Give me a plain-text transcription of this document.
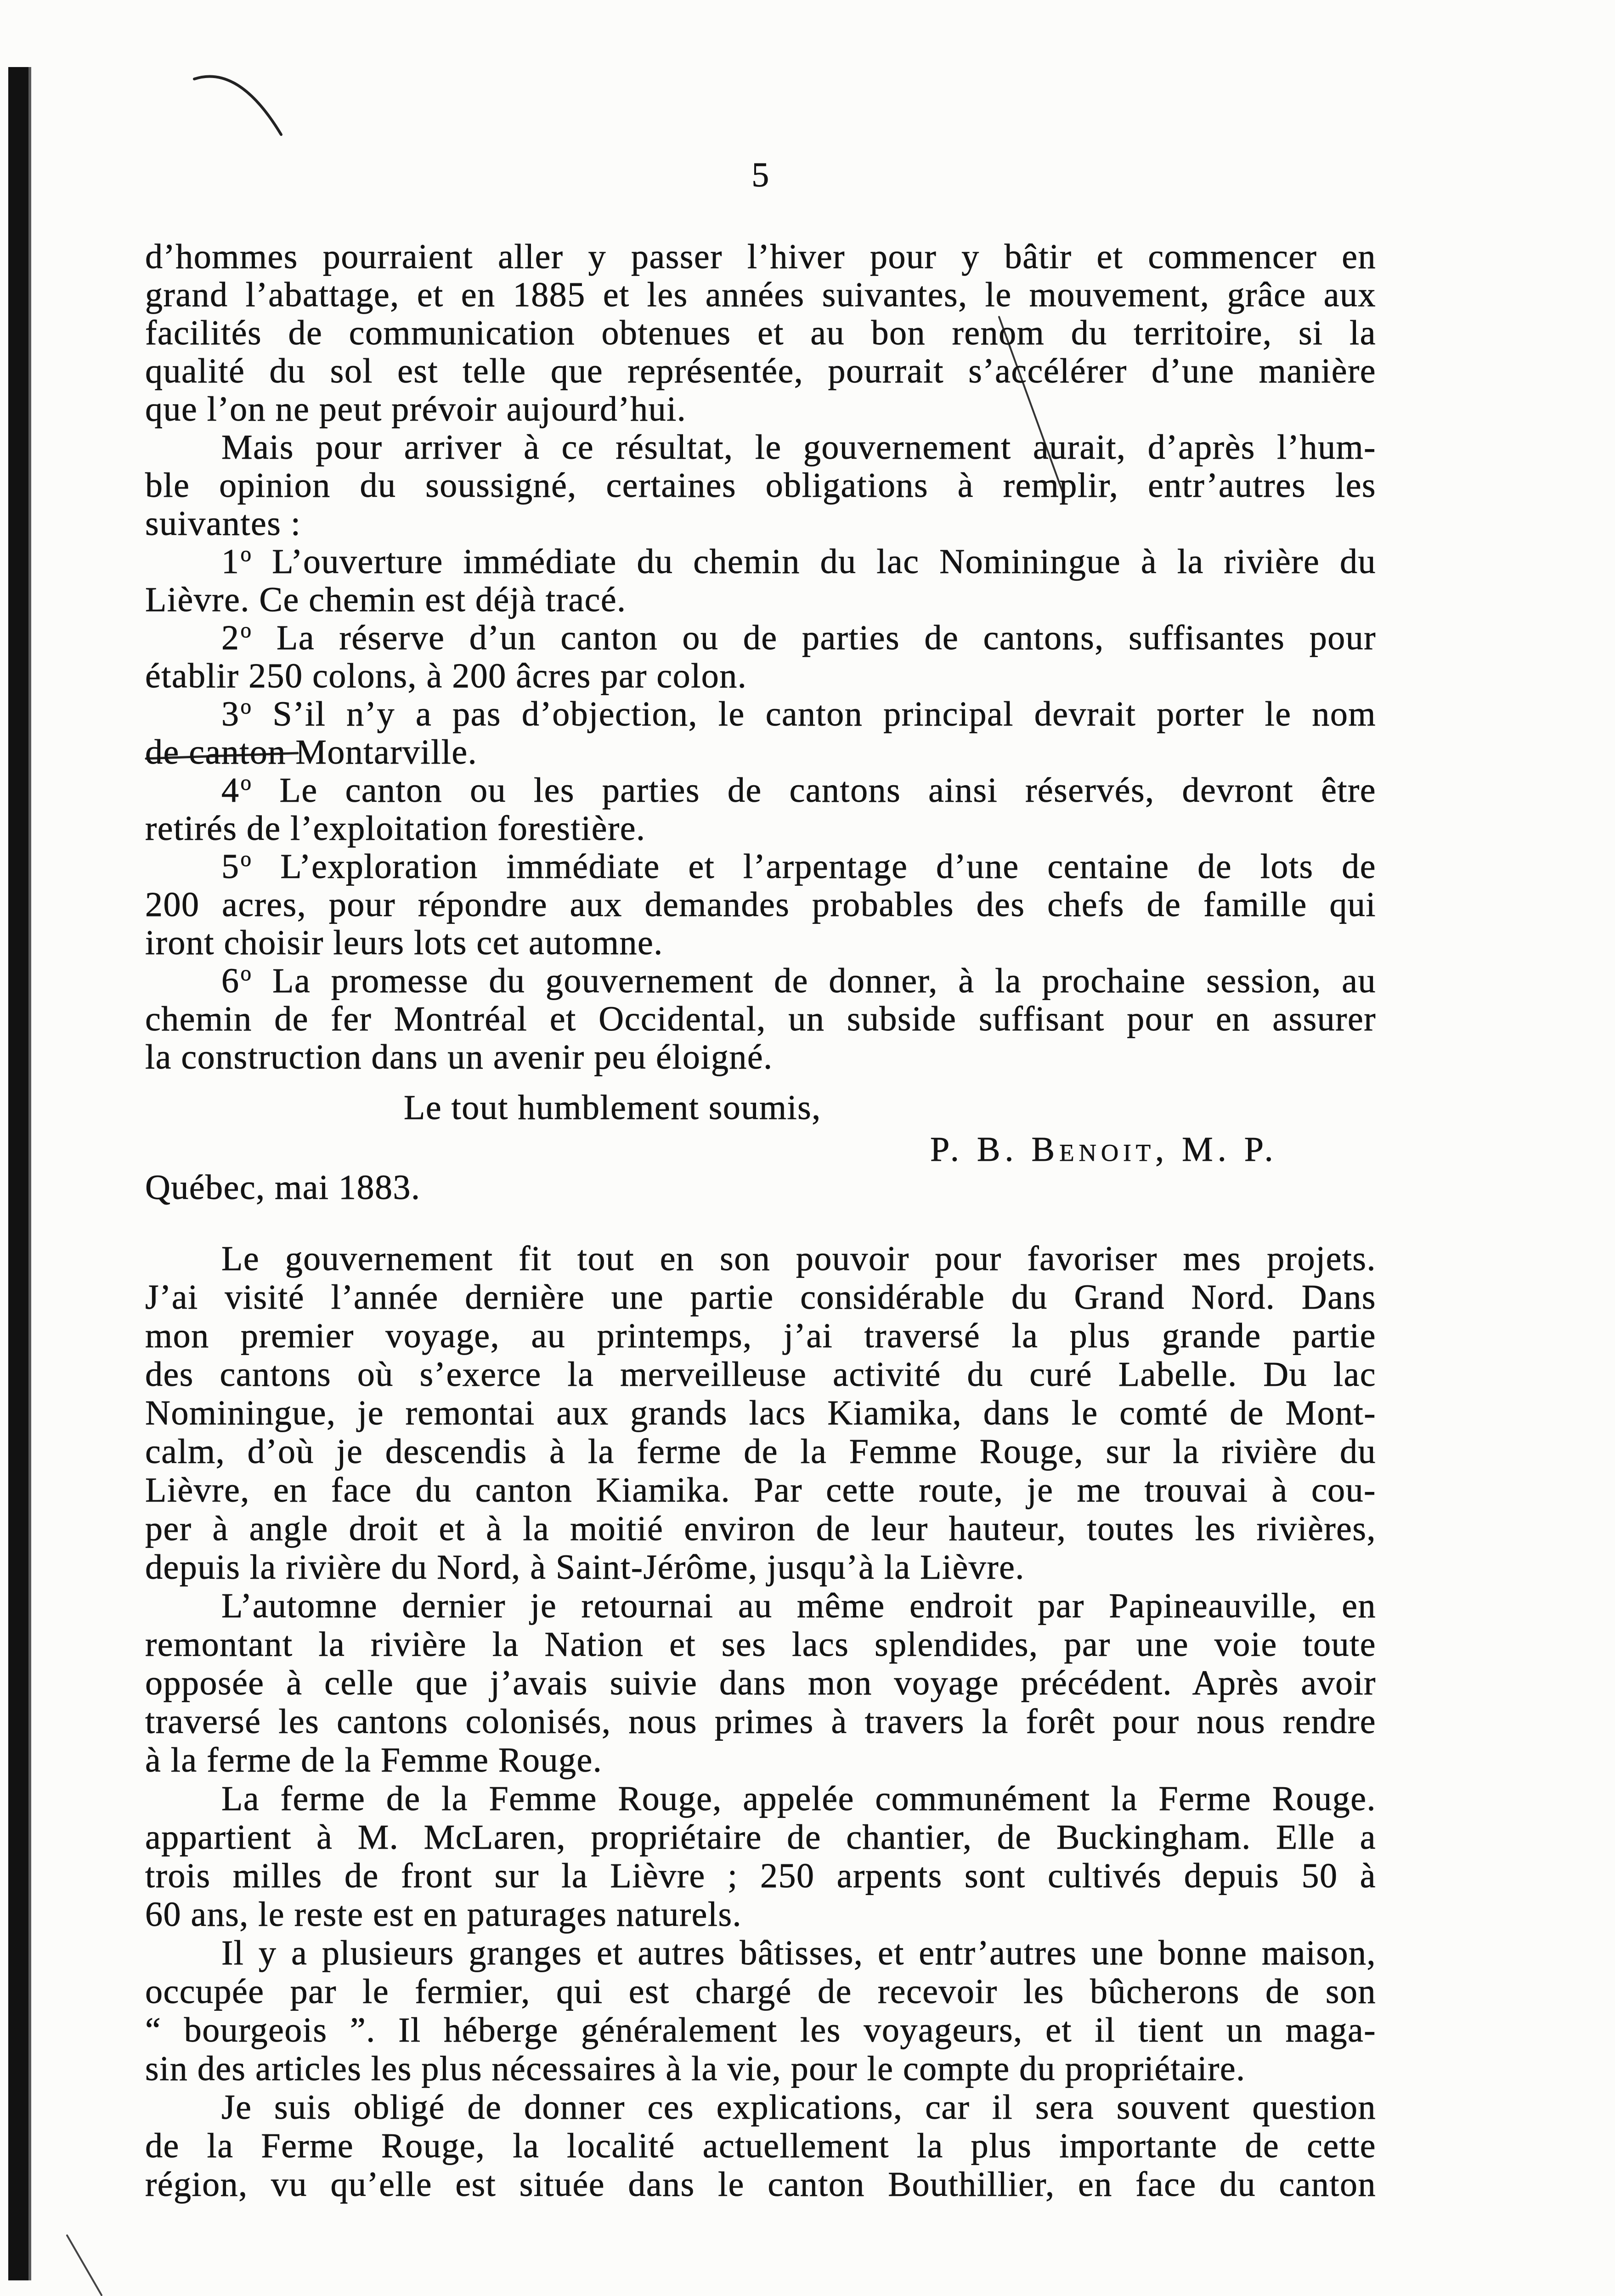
5
d’hommes pourraient aller y passer l’hiver pour y bâtir et commencer en
grand l’abattage, et en 1885 et les années suivantes, le mouvement, grâce aux
facilités de communication obtenues et au bon renom du territoire, si la
qualité du sol est telle que représentée, pourrait s’accélérer d’une manière
que l’on ne peut prévoir aujourd’hui.
Mais pour arriver à ce résultat, le gouvernement aurait, d’après l’hum-
ble opinion du soussigné, certaines obligations à remplir, entr’autres les
suivantes :
1$^o$ L’ouverture immédiate du chemin du lac Nominingue à la rivière du
Lièvre. Ce chemin est déjà tracé.
2$^o$ La réserve d’un canton ou de parties de cantons, suffisantes pour
établir 250 colons, à 200 âcres par colon.
3$^o$ S’il n’y a pas d’objection, le canton principal devrait porter le nom
de canton Montarville.
4$^o$ Le canton ou les parties de cantons ainsi réservés, devront être
retirés de l’exploitation forestière.
5$^o$ L’exploration immédiate et l’arpentage d’une centaine de lots de
200 acres, pour répondre aux demandes probables des chefs de famille qui
iront choisir leurs lots cet automne.
6$^o$ La promesse du gouvernement de donner, à la prochaine session, au
chemin de fer Montréal et Occidental, un subside suffisant pour en assurer
la construction dans un avenir peu éloigné.
Le tout humblement soumis,
P. B. Benoit, M. P.
Québec, mai 1883.
Le gouvernement fit tout en son pouvoir pour favoriser mes projets.
J’ai visité l’année dernière une partie considérable du Grand Nord. Dans
mon premier voyage, au printemps, j’ai traversé la plus grande partie
des cantons où s’exerce la merveilleuse activité du curé Labelle. Du lac
Nominingue, je remontai aux grands lacs Kiamika, dans le comté de Mont-
calm, d’où je descendis à la ferme de la Femme Rouge, sur la rivière du
Lièvre, en face du canton Kiamika. Par cette route, je me trouvai à cou-
per à angle droit et à la moitié environ de leur hauteur, toutes les rivières,
depuis la rivière du Nord, à Saint-Jérôme, jusqu’à la Lièvre.
L’automne dernier je retournai au même endroit par Papineauville, en
remontant la rivière la Nation et ses lacs splendides, par une voie toute
opposée à celle que j’avais suivie dans mon voyage précédent. Après avoir
traversé les cantons colonisés, nous primes à travers la forêt pour nous rendre
à la ferme de la Femme Rouge.
La ferme de la Femme Rouge, appelée communément la Ferme Rouge.
appartient à M. McLaren, propriétaire de chantier, de Buckingham. Elle a
trois milles de front sur la Lièvre ; 250 arpents sont cultivés depuis 50 à
60 ans, le reste est en paturages naturels.
Il y a plusieurs granges et autres bâtisses, et entr’autres une bonne maison,
occupée par le fermier, qui est chargé de recevoir les bûcherons de son
“ bourgeois ”. Il héberge généralement les voyageurs, et il tient un maga-
sin des articles les plus nécessaires à la vie, pour le compte du propriétaire.
Je suis obligé de donner ces explications, car il sera souvent question
de la Ferme Rouge, la localité actuellement la plus importante de cette
région, vu qu’elle est située dans le canton Bouthillier, en face du canton
